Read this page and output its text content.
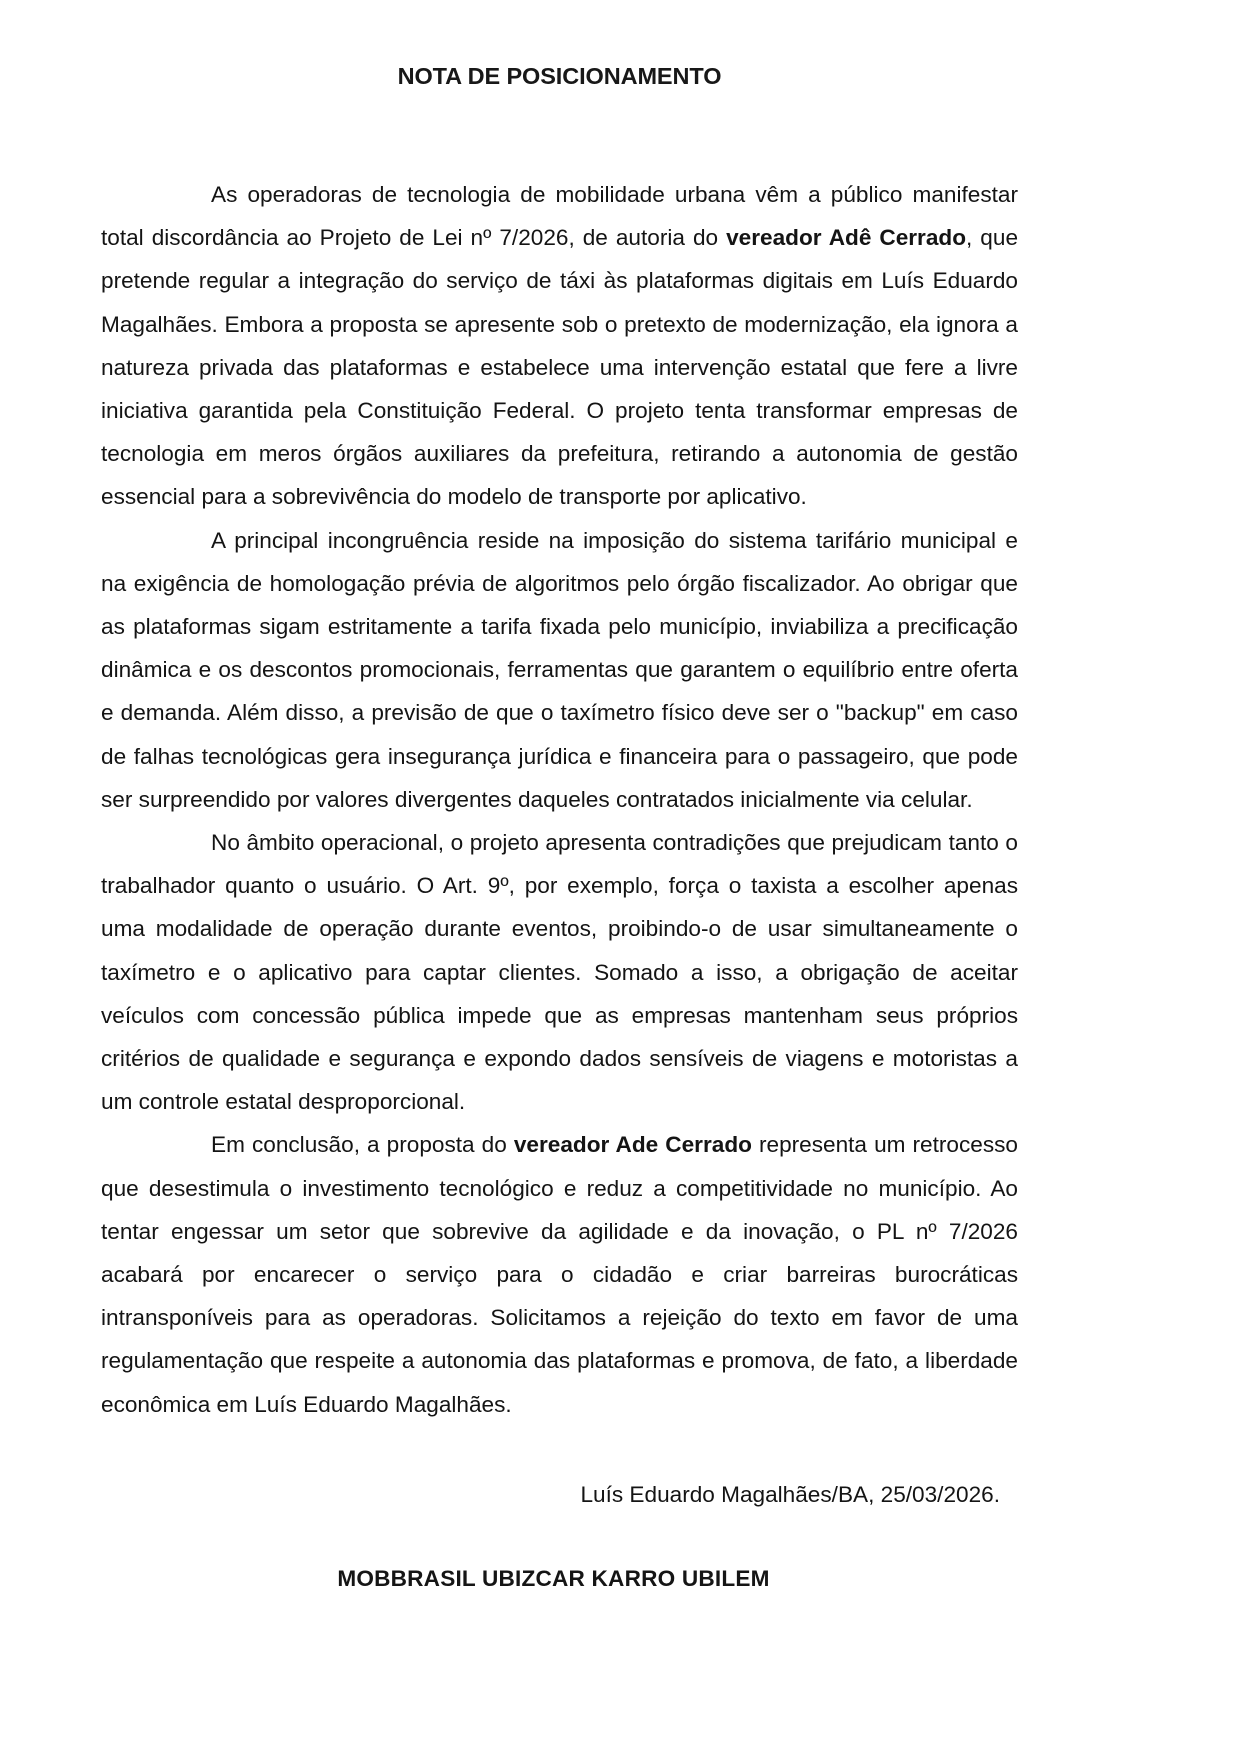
NOTA DE POSICIONAMENTO

As operadoras de tecnologia de mobilidade urbana vêm a público manifestar total discordância ao Projeto de Lei nº 7/2026, de autoria do vereador Adê Cerrado, que pretende regular a integração do serviço de táxi às plataformas digitais em Luís Eduardo Magalhães. Embora a proposta se apresente sob o pretexto de modernização, ela ignora a natureza privada das plataformas e estabelece uma intervenção estatal que fere a livre iniciativa garantida pela Constituição Federal. O projeto tenta transformar empresas de tecnologia em meros órgãos auxiliares da prefeitura, retirando a autonomia de gestão essencial para a sobrevivência do modelo de transporte por aplicativo.

A principal incongruência reside na imposição do sistema tarifário municipal e na exigência de homologação prévia de algoritmos pelo órgão fiscalizador. Ao obrigar que as plataformas sigam estritamente a tarifa fixada pelo município, inviabiliza a precificação dinâmica e os descontos promocionais, ferramentas que garantem o equilíbrio entre oferta e demanda. Além disso, a previsão de que o taxímetro físico deve ser o "backup" em caso de falhas tecnológicas gera insegurança jurídica e financeira para o passageiro, que pode ser surpreendido por valores divergentes daqueles contratados inicialmente via celular.

No âmbito operacional, o projeto apresenta contradições que prejudicam tanto o trabalhador quanto o usuário. O Art. 9º, por exemplo, força o taxista a escolher apenas uma modalidade de operação durante eventos, proibindo-o de usar simultaneamente o taxímetro e o aplicativo para captar clientes. Somado a isso, a obrigação de aceitar veículos com concessão pública impede que as empresas mantenham seus próprios critérios de qualidade e segurança e expondo dados sensíveis de viagens e motoristas a um controle estatal desproporcional.

Em conclusão, a proposta do vereador Ade Cerrado representa um retrocesso que desestimula o investimento tecnológico e reduz a competitividade no município. Ao tentar engessar um setor que sobrevive da agilidade e da inovação, o PL nº 7/2026 acabará por encarecer o serviço para o cidadão e criar barreiras burocráticas intransponíveis para as operadoras. Solicitamos a rejeição do texto em favor de uma regulamentação que respeite a autonomia das plataformas e promova, de fato, a liberdade econômica em Luís Eduardo Magalhães.

Luís Eduardo Magalhães/BA, 25/03/2026.

MOBBRASIL UBIZCAR KARRO UBILEM
